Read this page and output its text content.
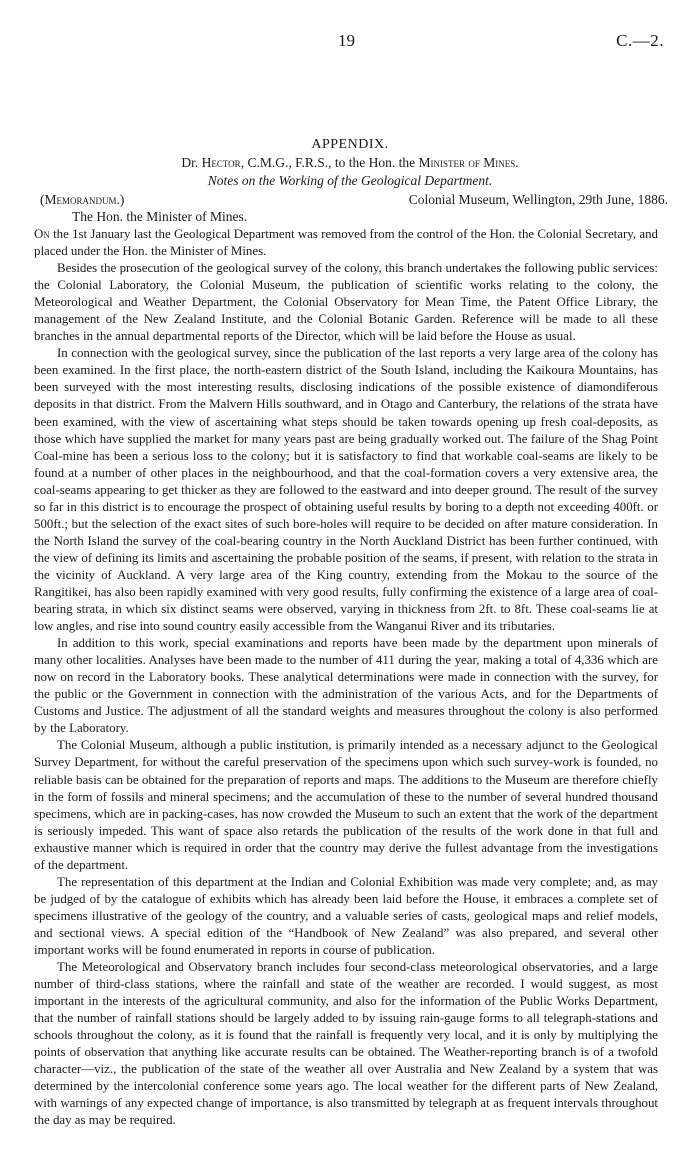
19	C.—2.
APPENDIX.
Dr. Hector, C.M.G., F.R.S., to the Hon. the Minister of Mines.
Notes on the Working of the Geological Department.
(Memorandum.)	Colonial Museum, Wellington, 29th June, 1886.
The Hon. the Minister of Mines.

On the 1st January last the Geological Department was removed from the control of the Hon. the Colonial Secretary, and placed under the Hon. the Minister of Mines.

Besides the prosecution of the geological survey of the colony, this branch undertakes the following public services: the Colonial Laboratory, the Colonial Museum, the publication of scientific works relating to the colony, the Meteorological and Weather Department, the Colonial Observatory for Mean Time, the Patent Office Library, the management of the New Zealand Institute, and the Colonial Botanic Garden. Reference will be made to all these branches in the annual departmental reports of the Director, which will be laid before the House as usual.

In connection with the geological survey, since the publication of the last reports a very large area of the colony has been examined. In the first place, the north-eastern district of the South Island, including the Kaikoura Mountains, has been surveyed with the most interesting results, disclosing indications of the possible existence of diamondiferous deposits in that district. From the Malvern Hills southward, and in Otago and Canterbury, the relations of the strata have been examined, with the view of ascertaining what steps should be taken towards opening up fresh coal-deposits, as those which have supplied the market for many years past are being gradually worked out. The failure of the Shag Point Coal-mine has been a serious loss to the colony; but it is satisfactory to find that workable coal-seams are likely to be found at a number of other places in the neighbourhood, and that the coal-formation covers a very extensive area, the coal-seams appearing to get thicker as they are followed to the eastward and into deeper ground. The result of the survey so far in this district is to encourage the prospect of obtaining useful results by boring to a depth not exceeding 400ft. or 500ft.; but the selection of the exact sites of such bore-holes will require to be decided on after mature consideration. In the North Island the survey of the coal-bearing country in the North Auckland District has been further continued, with the view of defining its limits and ascertaining the probable position of the seams, if present, with relation to the strata in the vicinity of Auckland. A very large area of the King country, extending from the Mokau to the source of the Rangitikei, has also been rapidly examined with very good results, fully confirming the existence of a large area of coal-bearing strata, in which six distinct seams were observed, varying in thickness from 2ft. to 8ft. These coal-seams lie at low angles, and rise into sound country easily accessible from the Wanganui River and its tributaries.

In addition to this work, special examinations and reports have been made by the department upon minerals of many other localities. Analyses have been made to the number of 411 during the year, making a total of 4,336 which are now on record in the Laboratory books. These analytical determinations were made in connection with the survey, for the public or the Government in connection with the administration of the various Acts, and for the Departments of Customs and Justice. The adjustment of all the standard weights and measures throughout the colony is also performed by the Laboratory.

The Colonial Museum, although a public institution, is primarily intended as a necessary adjunct to the Geological Survey Department, for without the careful preservation of the specimens upon which such survey-work is founded, no reliable basis can be obtained for the preparation of reports and maps. The additions to the Museum are therefore chiefly in the form of fossils and mineral specimens; and the accumulation of these to the number of several hundred thousand specimens, which are in packing-cases, has now crowded the Museum to such an extent that the work of the department is seriously impeded. This want of space also retards the publication of the results of the work done in that full and exhaustive manner which is required in order that the country may derive the fullest advantage from the investigations of the department.

The representation of this department at the Indian and Colonial Exhibition was made very complete; and, as may be judged of by the catalogue of exhibits which has already been laid before the House, it embraces a complete set of specimens illustrative of the geology of the country, and a valuable series of casts, geological maps and relief models, and sectional views. A special edition of the “Handbook of New Zealand” was also prepared, and several other important works will be found enumerated in reports in course of publication.

The Meteorological and Observatory branch includes four second-class meteorological observatories, and a large number of third-class stations, where the rainfall and state of the weather are recorded. I would suggest, as most important in the interests of the agricultural community, and also for the information of the Public Works Department, that the number of rainfall stations should be largely added to by issuing rain-gauge forms to all telegraph-stations and schools throughout the colony, as it is found that the rainfall is frequently very local, and it is only by multiplying the points of observation that anything like accurate results can be obtained. The Weather-reporting branch is of a twofold character—viz., the publication of the state of the weather all over Australia and New Zealand by a system that was determined by the intercolonial conference some years ago. The local weather for the different parts of New Zealand, with warnings of any expected change of importance, is also transmitted by telegraph at as frequent intervals throughout the day as may be required.
